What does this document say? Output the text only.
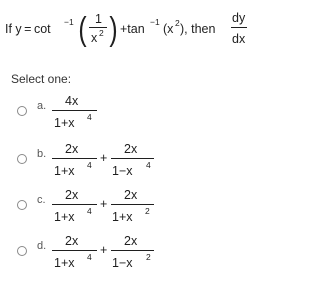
If y = cot −1 ( 1
x 2 ) +tan −1 (x 2 ), then
dy
dx
Select one:
a. 4x
1+x 4
b. 2x
1+x 4 +
2x
1−x 4
c. 2x
1+x 4 +
2x
1+x 2
d. 2x
1+x 4 +
2x
1−x 2
